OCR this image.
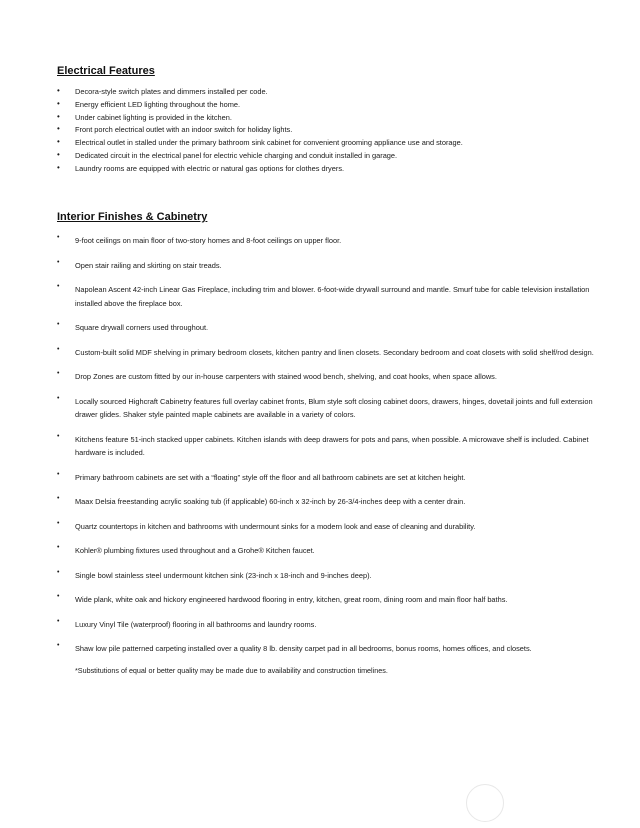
Electrical Features
• Decora-style switch plates and dimmers installed per code.
• Energy efficient LED lighting throughout the home.
• Under cabinet lighting is provided in the kitchen.
• Front porch electrical outlet with an indoor switch for holiday lights.
• Electrical outlet in stalled under the primary bathroom sink cabinet for convenient grooming appliance use and storage.
• Dedicated circuit in the electrical panel for electric vehicle charging and conduit installed in garage.
• Laundry rooms are equipped with electric or natural gas options for clothes dryers.
Interior Finishes & Cabinetry
• 9-foot ceilings on main floor of two-story homes and 8-foot ceilings on upper floor.
• Open stair railing and skirting on stair treads.
• Napolean Ascent 42-inch Linear Gas Fireplace, including trim and blower. 6-foot-wide drywall surround and mantle. Smurf tube for cable television installation installed above the fireplace box.
• Square drywall corners used throughout.
• Custom-built solid MDF shelving in primary bedroom closets, kitchen pantry and linen closets. Secondary bedroom and coat closets with solid shelf/rod design.
• Drop Zones are custom fitted by our in-house carpenters with stained wood bench, shelving, and coat hooks, when space allows.
• Locally sourced Highcraft Cabinetry features full overlay cabinet fronts, Blum style soft closing cabinet doors, drawers, hinges, dovetail joints and full extension drawer glides. Shaker style painted maple cabinets are available in a variety of colors.
• Kitchens feature 51-inch stacked upper cabinets. Kitchen islands with deep drawers for pots and pans, when possible. A microwave shelf is included. Cabinet hardware is included.
• Primary bathroom cabinets are set with a “floating” style off the floor and all bathroom cabinets are set at kitchen height.
• Maax Delsia freestanding acrylic soaking tub (if applicable) 60-inch x 32-inch by 26-3/4-inches deep with a center drain.
• Quartz countertops in kitchen and bathrooms with undermount sinks for a modern look and ease of cleaning and durability.
• Kohler® plumbing fixtures used throughout and a Grohe® Kitchen faucet.
• Single bowl stainless steel undermount kitchen sink (23-inch x 18-inch and 9-inches deep).
• Wide plank, white oak and hickory engineered hardwood flooring in entry, kitchen, great room, dining room and main floor half baths.
• Luxury Vinyl Tile (waterproof) flooring in all bathrooms and laundry rooms.
• Shaw low pile patterned carpeting installed over a quality 8 lb. density carpet pad in all bedrooms, bonus rooms, homes offices, and closets.
*Substitutions of equal or better quality may be made due to availability and construction timelines.
